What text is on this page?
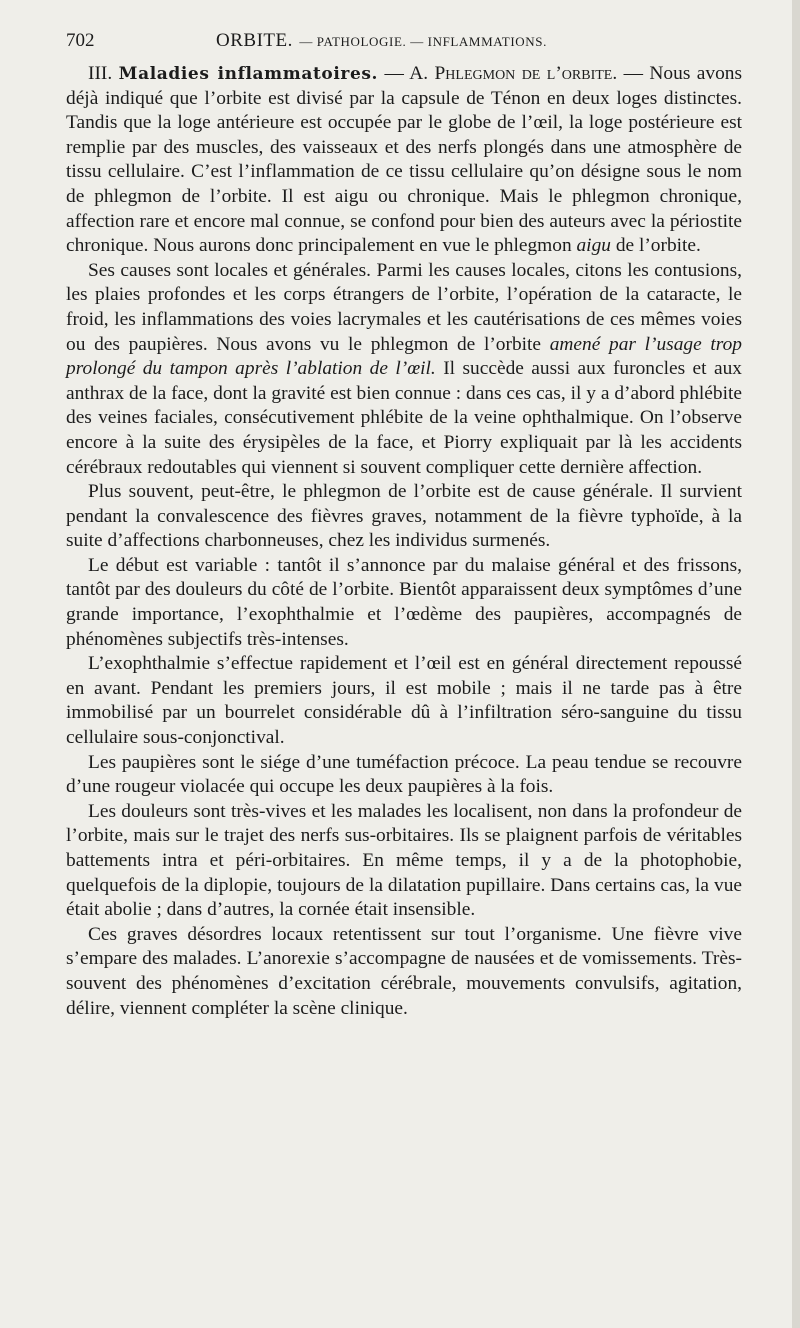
702	ORBITE.
— PATHOLOGIE. — INFLAMMATIONS.

III. Maladies inflammatoires. — A. Phlegmon de l’orbite. — Nous avons déjà indiqué que l’orbite est divisé par la capsule de Ténon en deux loges distinctes. Tandis que la loge antérieure est occupée par le globe de l’œil, la loge postérieure est remplie par des muscles, des vaisseaux et des nerfs plongés dans une atmosphère de tissu cellulaire. C’est l’inflammation de ce tissu cellulaire qu’on désigne sous le nom de phlegmon de l’orbite. Il est aigu ou chronique. Mais le phlegmon chronique, affection rare et encore mal connue, se confond pour bien des auteurs avec la périostite chronique. Nous aurons donc principalement en vue le phlegmon aigu de l’orbite.

Ses causes sont locales et générales. Parmi les causes locales, citons les contusions, les plaies profondes et les corps étrangers de l’orbite, l’opération de la cataracte, le froid, les inflammations des voies lacrymales et les cautérisations de ces mêmes voies ou des paupières. Nous avons vu le phlegmon de l’orbite amené par l’usage trop prolongé du tampon après l’ablation de l’œil. Il succède aussi aux furoncles et aux anthrax de la face, dont la gravité est bien connue : dans ces cas, il y a d’abord phlébite des veines faciales, consécutivement phlébite de la veine ophthalmique. On l’observe encore à la suite des érysipèles de la face, et Piorry expliquait par là les accidents cérébraux redoutables qui viennent si souvent compliquer cette dernière affection.

Plus souvent, peut-être, le phlegmon de l’orbite est de cause générale. Il survient pendant la convalescence des fièvres graves, notamment de la fièvre typhoïde, à la suite d’affections charbonneuses, chez les individus surmenés.

Le début est variable : tantôt il s’annonce par du malaise général et des frissons, tantôt par des douleurs du côté de l’orbite. Bientôt apparaissent deux symptômes d’une grande importance, l’exophthalmie et l’œdème des paupières, accompagnés de phénomènes subjectifs très-intenses.

L’exophthalmie s’effectue rapidement et l’œil est en général directement repoussé en avant. Pendant les premiers jours, il est mobile ; mais il ne tarde pas à être immobilisé par un bourrelet considérable dû à l’infiltration séro-sanguine du tissu cellulaire sous-conjonctival.

Les paupières sont le siége d’une tuméfaction précoce. La peau tendue se recouvre d’une rougeur violacée qui occupe les deux paupières à la fois.

Les douleurs sont très-vives et les malades les localisent, non dans la profondeur de l’orbite, mais sur le trajet des nerfs sus-orbitaires. Ils se plaignent parfois de véritables battements intra et péri-orbitaires. En même temps, il y a de la photophobie, quelquefois de la diplopie, toujours de la dilatation pupillaire. Dans certains cas, la vue était abolie ; dans d’autres, la cornée était insensible.

Ces graves désordres locaux retentissent sur tout l’organisme. Une fièvre vive s’empare des malades. L’anorexie s’accompagne de nausées et de vomissements. Très-souvent des phénomènes d’excitation cérébrale, mouvements convulsifs, agitation, délire, viennent compléter la scène clinique.
